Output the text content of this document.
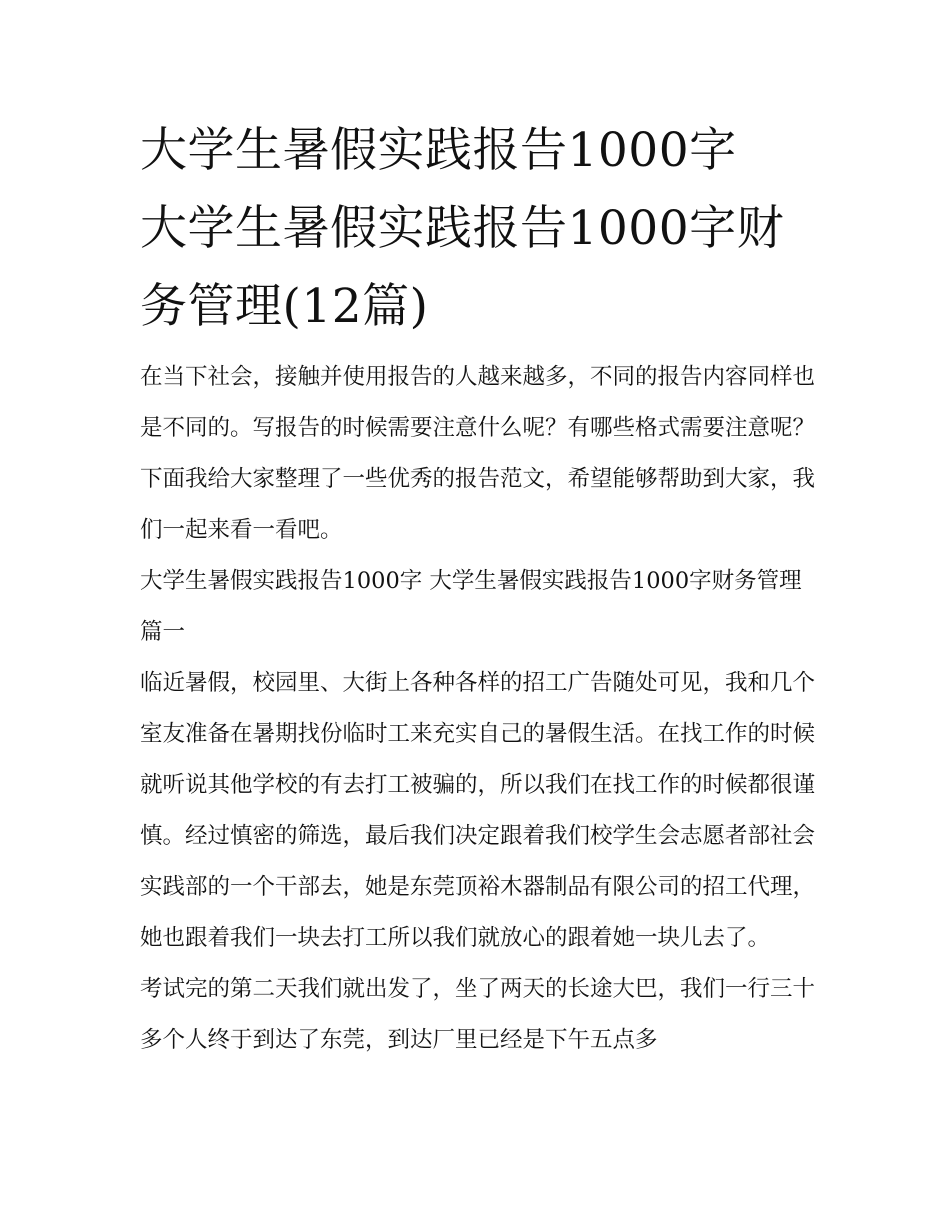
大学生暑假实践报告1000字
大学生暑假实践报告1000字财
务管理(12篇)

在当下社会，接触并使用报告的人越来越多，不同的报告内容同样也是不同的。写报告的时候需要注意什么呢？有哪些格式需要注意呢？下面我给大家整理了一些优秀的报告范文，希望能够帮助到大家，我们一起来看一看吧。

大学生暑假实践报告1000字 大学生暑假实践报告1000字财务管理篇一

临近暑假，校园里、大街上各种各样的招工广告随处可见，我和几个室友准备在暑期找份临时工来充实自己的暑假生活。在找工作的时候就听说其他学校的有去打工被骗的，所以我们在找工作的时候都很谨慎。经过慎密的筛选，最后我们决定跟着我们校学生会志愿者部社会实践部的一个干部去，她是东莞顶裕木器制品有限公司的招工代理，她也跟着我们一块去打工所以我们就放心的跟着她一块儿去了。

考试完的第二天我们就出发了，坐了两天的长途大巴，我们一行三十多个人终于到达了东莞，到达厂里已经是下午五点多
